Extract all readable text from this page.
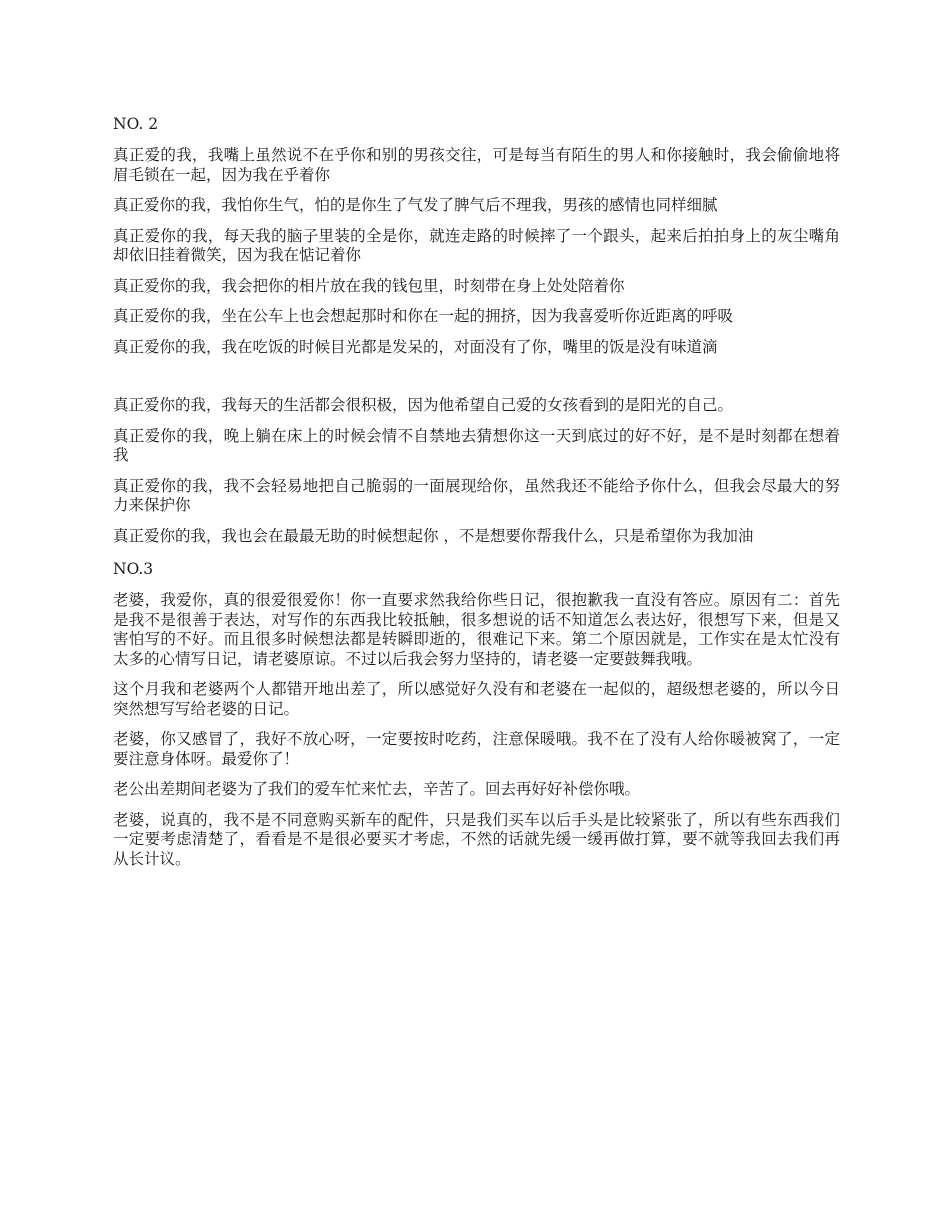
NO. 2

真正爱的我，我嘴上虽然说不在乎你和别的男孩交往，可是每当有陌生的男人和你接触时，我会偷偷地将眉毛锁在一起，因为我在乎着你

真正爱你的我，我怕你生气，怕的是你生了气发了脾气后不理我，男孩的感情也同样细腻

真正爱你的我，每天我的脑子里装的全是你，就连走路的时候摔了一个跟头，起来后拍拍身上的灰尘嘴角却依旧挂着微笑，因为我在惦记着你

真正爱你的我，我会把你的相片放在我的钱包里，时刻带在身上处处陪着你

真正爱你的我，坐在公车上也会想起那时和你在一起的拥挤，因为我喜爱听你近距离的呼吸

真正爱你的我，我在吃饭的时候目光都是发呆的，对面没有了你，嘴里的饭是没有味道滴

真正爱你的我，我每天的生活都会很积极，因为他希望自己爱的女孩看到的是阳光的自己。

真正爱你的我，晚上躺在床上的时候会情不自禁地去猜想你这一天到底过的好不好，是不是时刻都在想着我

真正爱你的我，我不会轻易地把自己脆弱的一面展现给你，虽然我还不能给予你什么，但我会尽最大的努力来保护你

真正爱你的我，我也会在最最无助的时候想起你 ，不是想要你帮我什么，只是希望你为我加油

NO.3

老婆，我爱你，真的很爱很爱你！你一直要求然我给你些日记，很抱歉我一直没有答应。原因有二：首先是我不是很善于表达，对写作的东西我比较抵触，很多想说的话不知道怎么表达好，很想写下来，但是又害怕写的不好。而且很多时候想法都是转瞬即逝的，很难记下来。第二个原因就是，工作实在是太忙没有太多的心情写日记，请老婆原谅。不过以后我会努力坚持的，请老婆一定要鼓舞我哦。

这个月我和老婆两个人都错开地出差了，所以感觉好久没有和老婆在一起似的，超级想老婆的，所以今日突然想写写给老婆的日记。

老婆，你又感冒了，我好不放心呀，一定要按时吃药，注意保暖哦。我不在了没有人给你暖被窝了，一定要注意身体呀。最爱你了！

老公出差期间老婆为了我们的爱车忙来忙去，辛苦了。回去再好好补偿你哦。

老婆，说真的，我不是不同意购买新车的配件，只是我们买车以后手头是比较紧张了，所以有些东西我们一定要考虑清楚了，看看是不是很必要买才考虑，不然的话就先缓一缓再做打算，要不就等我回去我们再从长计议。
